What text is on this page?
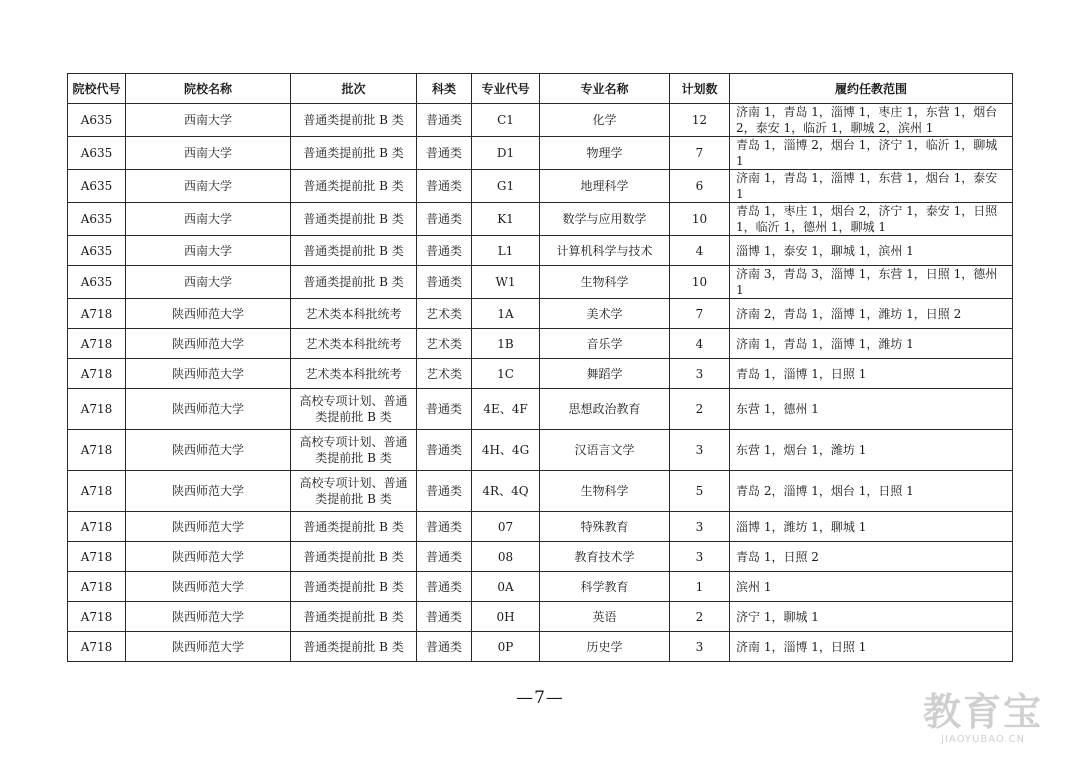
院校代号	院校名称	批次	科类	专业代号	专业名称	计划数	履约任教范围
A635	西南大学	普通类提前批 B 类	普通类	C1	化学	12	济南 1，青岛 1，淄博 1，枣庄 1，东营 1，烟台 2，泰安 1，临沂 1，聊城 2，滨州 1
A635	西南大学	普通类提前批 B 类	普通类	D1	物理学	7	青岛 1，淄博 2，烟台 1，济宁 1，临沂 1，聊城 1
A635	西南大学	普通类提前批 B 类	普通类	G1	地理科学	6	济南 1，青岛 1，淄博 1，东营 1，烟台 1，泰安 1
A635	西南大学	普通类提前批 B 类	普通类	K1	数学与应用数学	10	青岛 1，枣庄 1，烟台 2，济宁 1，泰安 1，日照 1，临沂 1，德州 1，聊城 1
A635	西南大学	普通类提前批 B 类	普通类	L1	计算机科学与技术	4	淄博 1，泰安 1，聊城 1，滨州 1
A635	西南大学	普通类提前批 B 类	普通类	W1	生物科学	10	济南 3，青岛 3，淄博 1，东营 1，日照 1，德州 1
A718	陕西师范大学	艺术类本科批统考	艺术类	1A	美术学	7	济南 2，青岛 1，淄博 1，潍坊 1，日照 2
A718	陕西师范大学	艺术类本科批统考	艺术类	1B	音乐学	4	济南 1，青岛 1，淄博 1，潍坊 1
A718	陕西师范大学	艺术类本科批统考	艺术类	1C	舞蹈学	3	青岛 1，淄博 1，日照 1
A718	陕西师范大学	高校专项计划、普通类提前批 B 类	普通类	4E、4F	思想政治教育	2	东营 1，德州 1
A718	陕西师范大学	高校专项计划、普通类提前批 B 类	普通类	4H、4G	汉语言文学	3	东营 1，烟台 1，潍坊 1
A718	陕西师范大学	高校专项计划、普通类提前批 B 类	普通类	4R、4Q	生物科学	5	青岛 2，淄博 1，烟台 1，日照 1
A718	陕西师范大学	普通类提前批 B 类	普通类	07	特殊教育	3	淄博 1，潍坊 1，聊城 1
A718	陕西师范大学	普通类提前批 B 类	普通类	08	教育技术学	3	青岛 1，日照 2
A718	陕西师范大学	普通类提前批 B 类	普通类	0A	科学教育	1	滨州 1
A718	陕西师范大学	普通类提前批 B 类	普通类	0H	英语	2	济宁 1，聊城 1
A718	陕西师范大学	普通类提前批 B 类	普通类	0P	历史学	3	济南 1，淄博 1，日照 1
—7—	教育宝
JIAOYUBAO.CN
